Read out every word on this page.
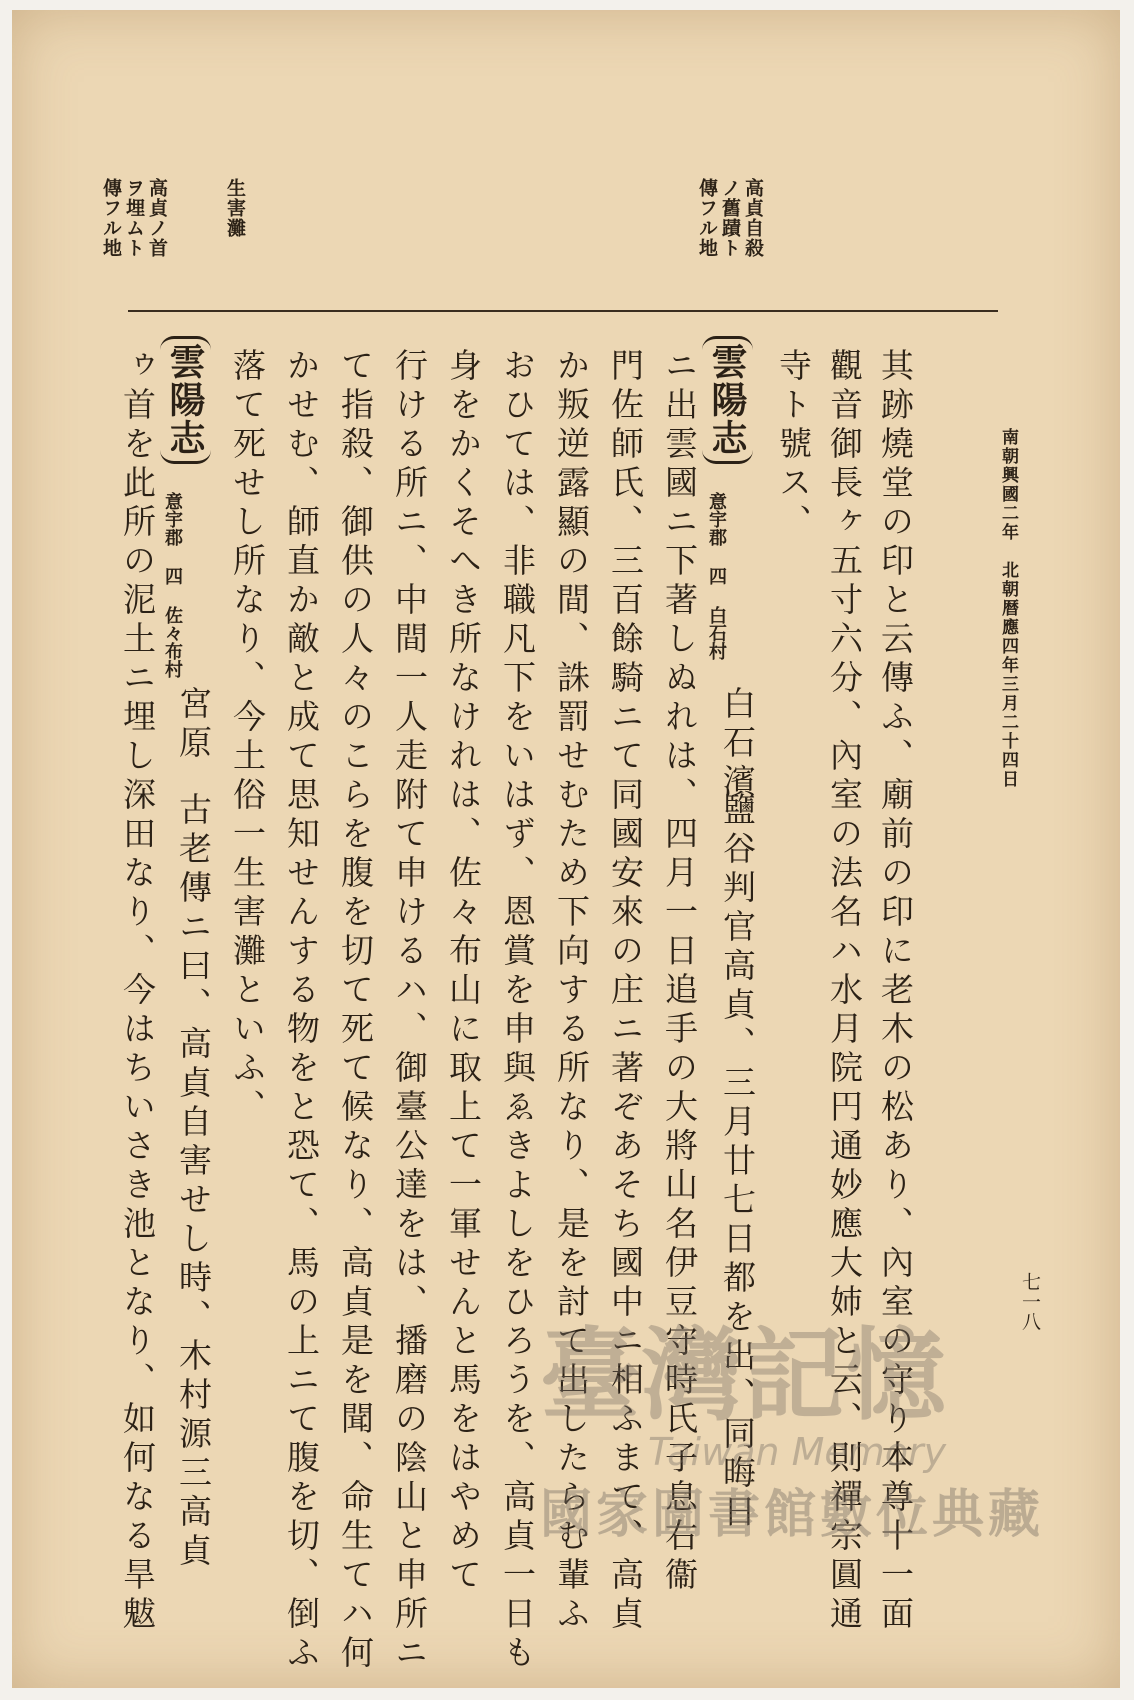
高貞自殺
ノ舊蹟ト
傳フル地
生害灘
高貞ノ首
ヲ埋ムト
傳フル地
南朝興國二年　北朝暦應四年三月二十四日
其跡燒堂の印と云傳ふ、廟前の印に老木の松あり、內室の守り本尊十一面
觀音御長ヶ五寸六分、內室の法名ハ水月院円通妙應大姉と云、則禪宗圓通
寺ト號ス、
雲陽志
意宇郡 四 白石村
白石濱
鹽谷判官高貞、三月廿七日都を出、同晦日
ニ出雲國ニ下著しぬれは、四月一日追手の大將山名伊豆守時氏子息右衞
門佐師氏、三百餘騎ニて同國安來の庄ニ著ぞあそち國中ニ相ふまて、高貞
か叛逆露顯の間、誅罰せむため下向する所なり、是を討て出したらむ輩ふ
おひては、非職凡下をいはず、恩賞を申與ゑきよしをひろうを、高貞一日も
身をかくそへき所なけれは、佐々布山に取上て一軍せんと馬をはやめて
行ける所ニ、中間一人走附て申けるハ、御臺公達をは、播磨の陰山と申所ニ
て指殺、御供の人々のこらを腹を切て死て候なり、高貞是を聞、命生てハ何
かせむ、師直か敵と成て思知せんする物をと恐て、馬の上ニて腹を切、倒ふ
落て死せし所なり、今土俗一生害灘といふ、
雲陽志
意宇郡 四 佐々布村
宮原
古老傳ニ曰、高貞自害せし時、木村源三高貞
ゥ首を此所の泥土ニ埋し深田なり、今はちいさき池となり、如何なる旱魃	七一八
臺灣記憶
Taiwan Memory
國家圖書館數位典藏
